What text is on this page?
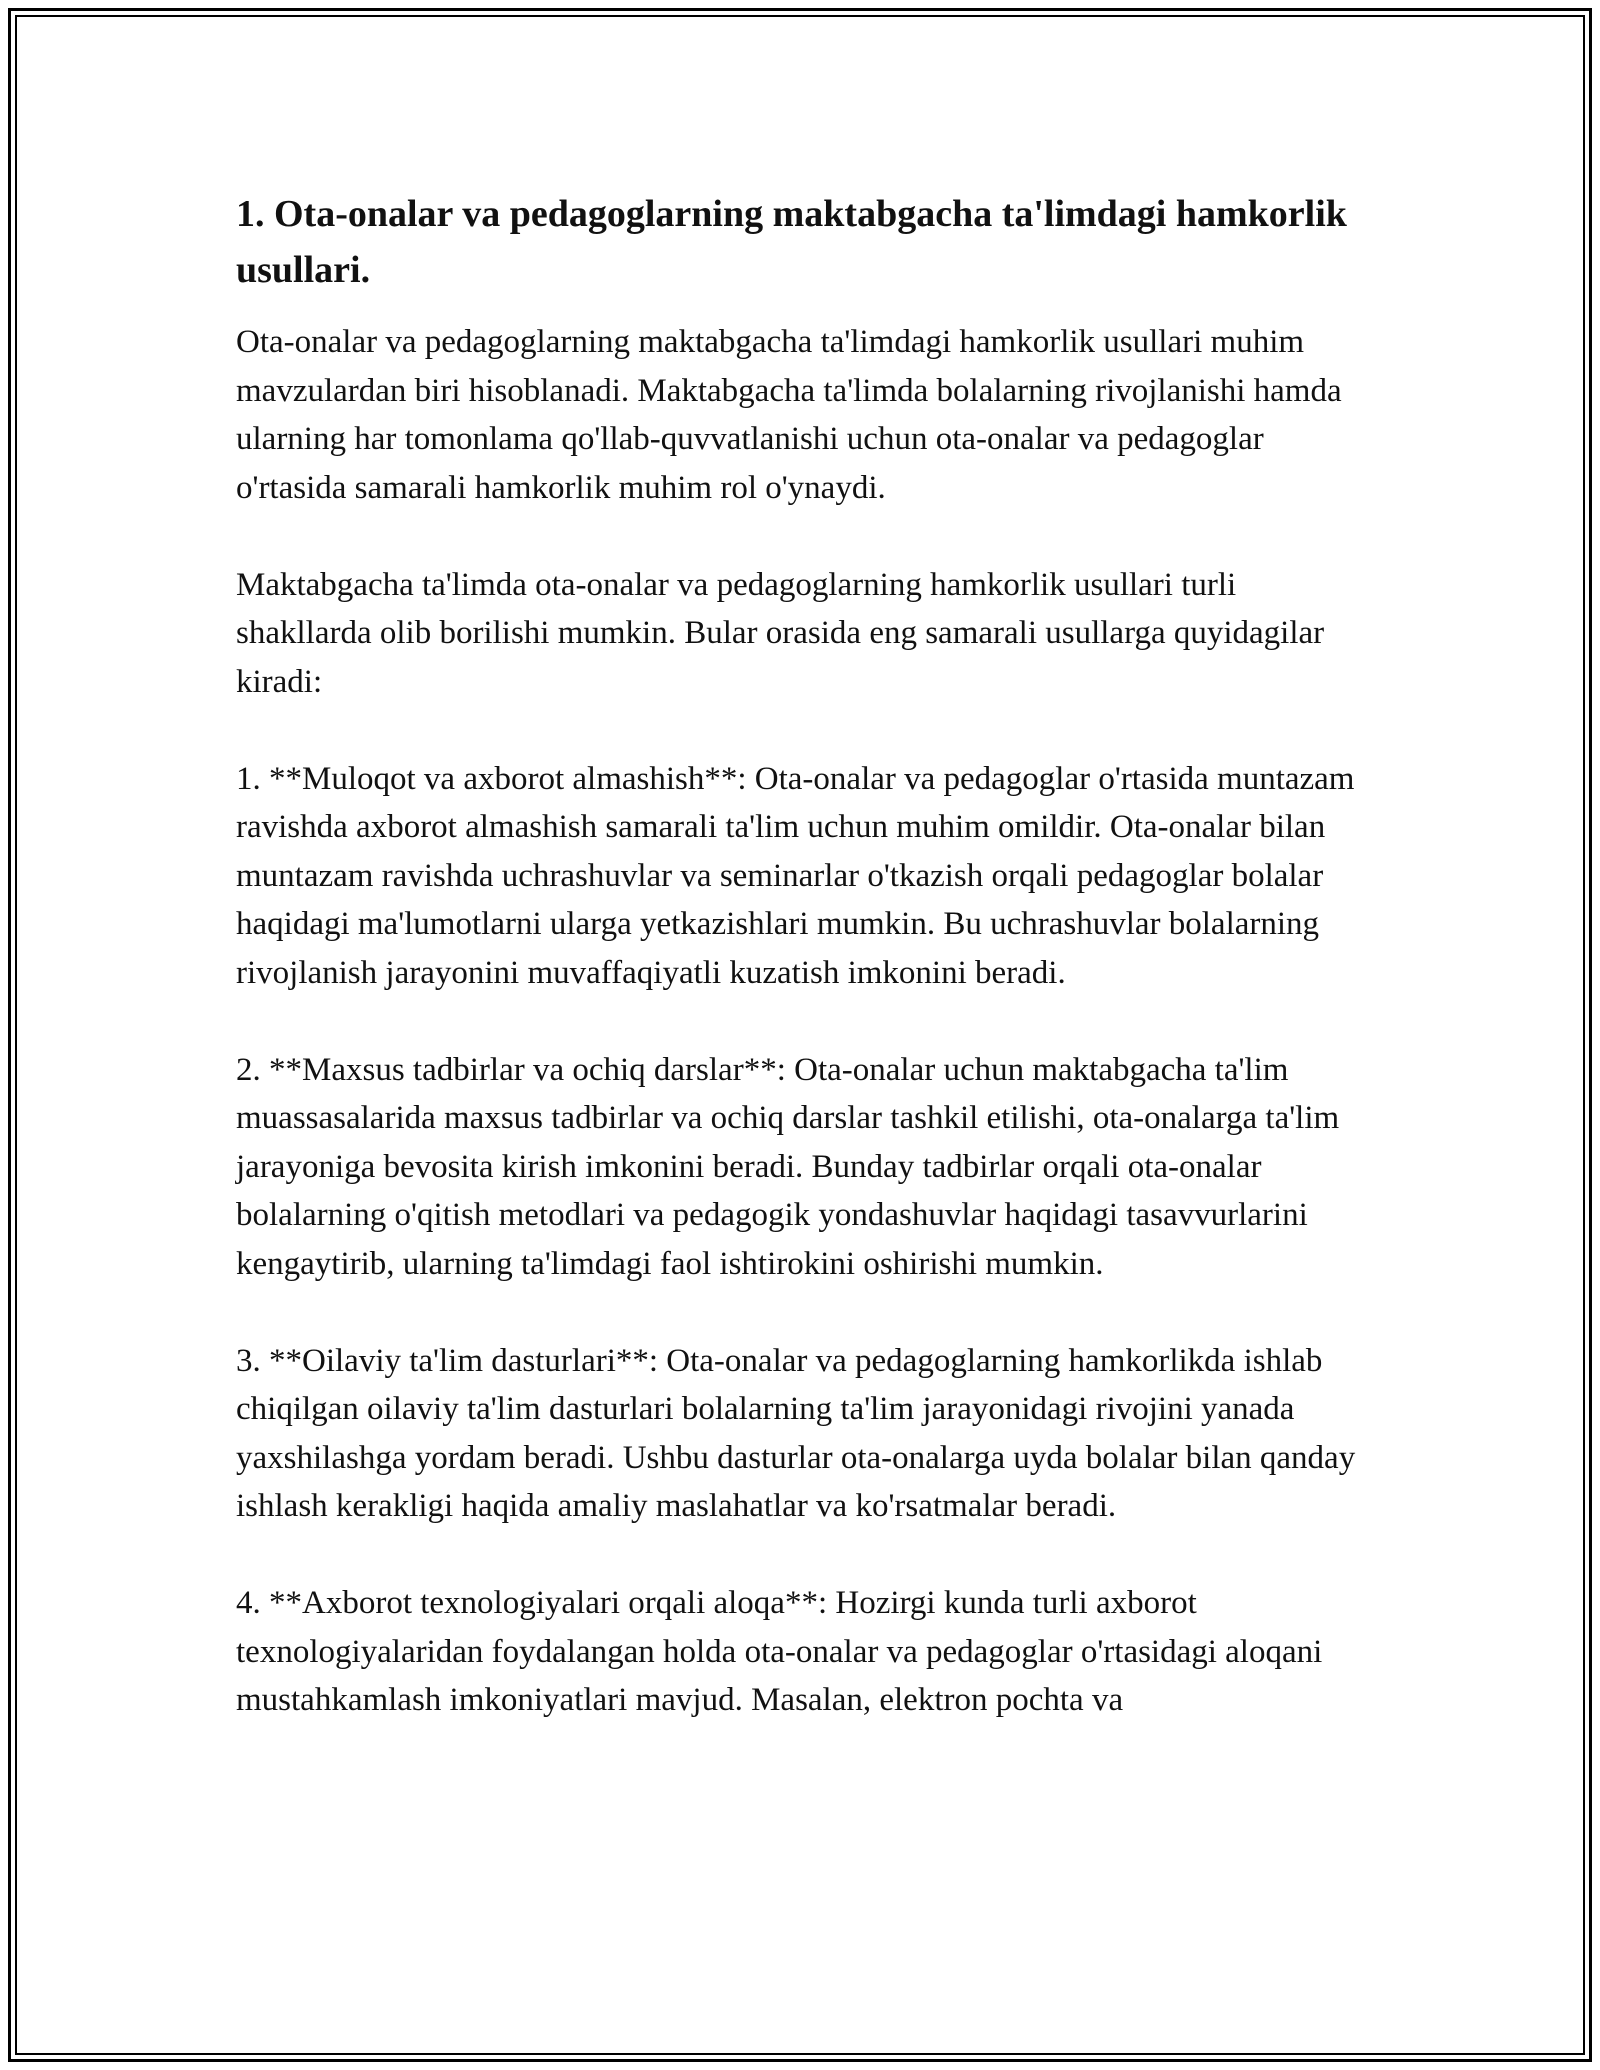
1. Ota-onalar va pedagoglarning maktabgacha ta'limdagi hamkorlik usullari.

Ota-onalar va pedagoglarning maktabgacha ta'limdagi hamkorlik usullari muhim mavzulardan biri hisoblanadi. Maktabgacha ta'limda bolalarning rivojlanishi hamda ularning har tomonlama qo'llab-quvvatlanishi uchun ota-onalar va pedagoglar o'rtasida samarali hamkorlik muhim rol o'ynaydi.

Maktabgacha ta'limda ota-onalar va pedagoglarning hamkorlik usullari turli shakllarda olib borilishi mumkin. Bular orasida eng samarali usullarga quyidagilar kiradi:

1. **Muloqot va axborot almashish**: Ota-onalar va pedagoglar o'rtasida muntazam ravishda axborot almashish samarali ta'lim uchun muhim omildir. Ota-onalar bilan muntazam ravishda uchrashuvlar va seminarlar o'tkazish orqali pedagoglar bolalar haqidagi ma'lumotlarni ularga yetkazishlari mumkin. Bu uchrashuvlar bolalarning rivojlanish jarayonini muvaffaqiyatli kuzatish imkonini beradi.

2. **Maxsus tadbirlar va ochiq darslar**: Ota-onalar uchun maktabgacha ta'lim muassasalarida maxsus tadbirlar va ochiq darslar tashkil etilishi, ota-onalarga ta'lim jarayoniga bevosita kirish imkonini beradi. Bunday tadbirlar orqali ota-onalar bolalarning o'qitish metodlari va pedagogik yondashuvlar haqidagi tasavvurlarini kengaytirib, ularning ta'limdagi faol ishtirokini oshirishi mumkin.

3. **Oilaviy ta'lim dasturlari**: Ota-onalar va pedagoglarning hamkorlikda ishlab chiqilgan oilaviy ta'lim dasturlari bolalarning ta'lim jarayonidagi rivojini yanada yaxshilashga yordam beradi. Ushbu dasturlar ota-onalarga uyda bolalar bilan qanday ishlash kerakligi haqida amaliy maslahatlar va ko'rsatmalar beradi.

4. **Axborot texnologiyalari orqali aloqa**: Hozirgi kunda turli axborot texnologiyalaridan foydalangan holda ota-onalar va pedagoglar o'rtasidagi aloqani mustahkamlash imkoniyatlari mavjud. Masalan, elektron pochta va
